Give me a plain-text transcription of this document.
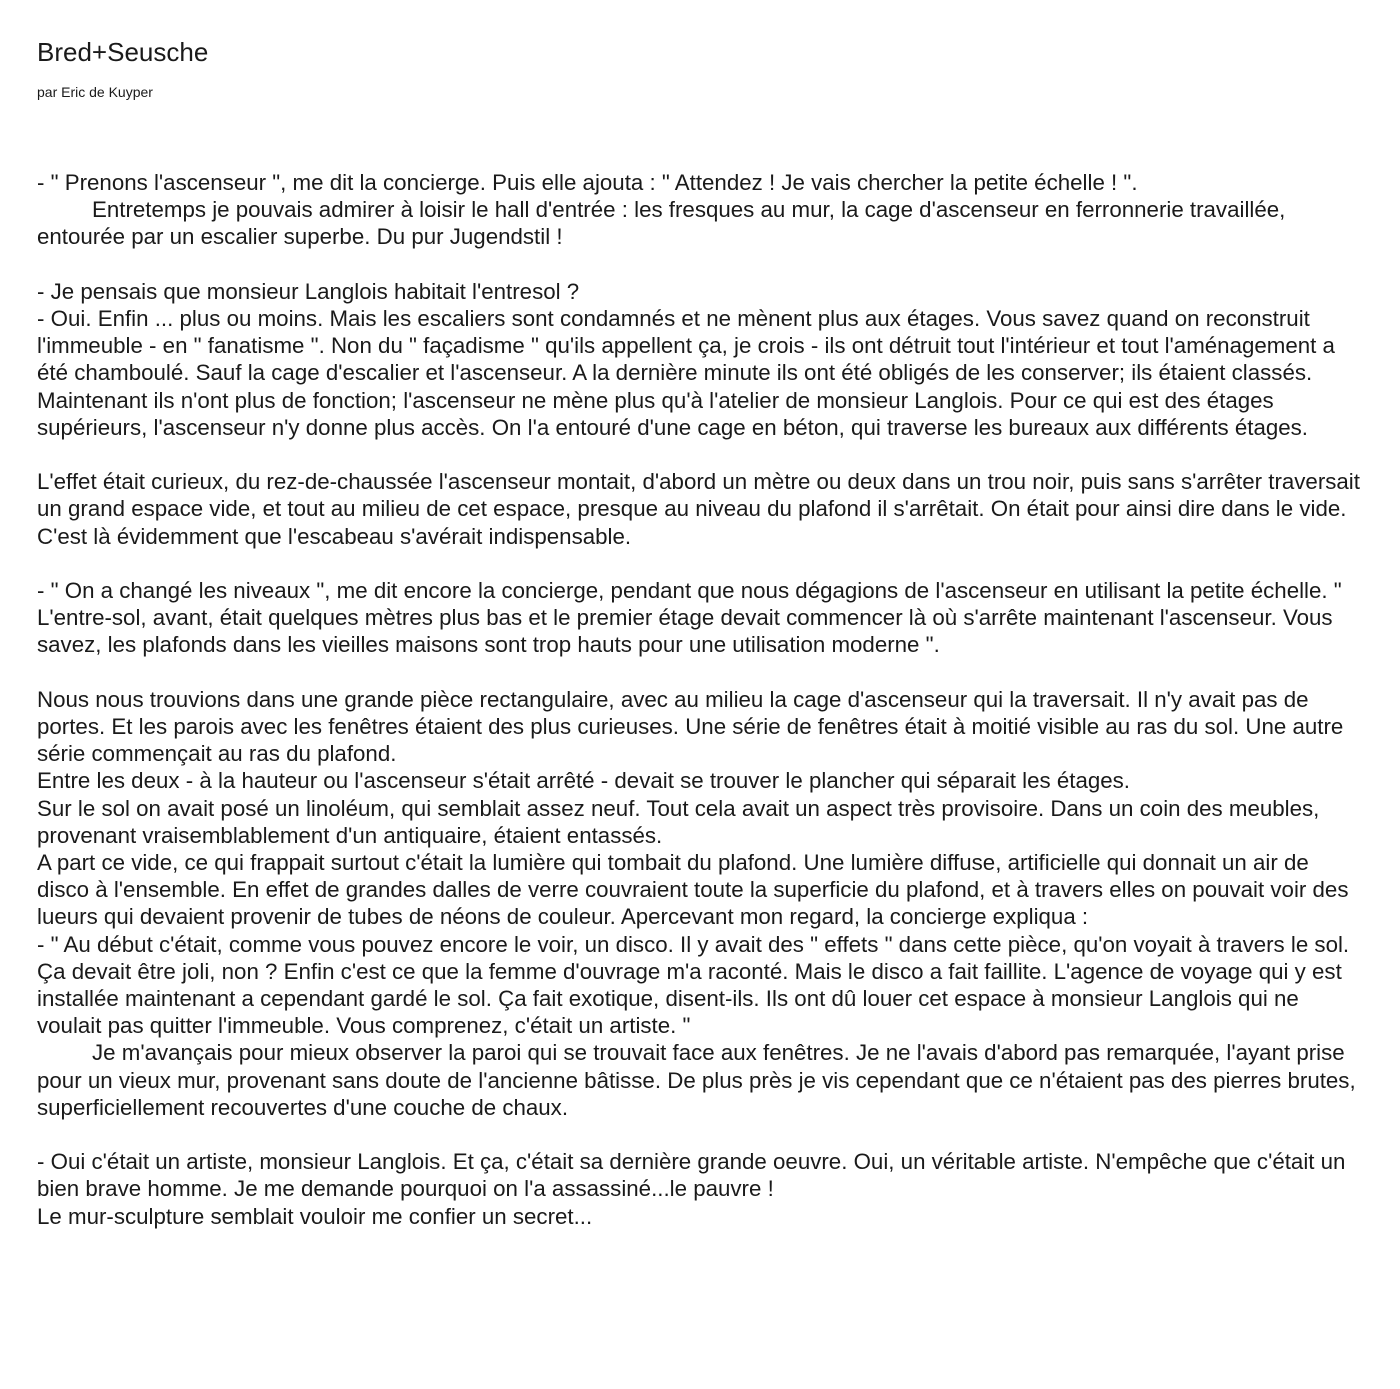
Bred+Seusche

par Eric de Kuyper

- " Prenons l'ascenseur ", me dit la concierge. Puis elle ajouta : " Attendez ! Je vais chercher la petite échelle ! ".

Entretemps je pouvais admirer à loisir le hall d'entrée : les fresques au mur, la cage d'ascenseur en ferronnerie travaillée, entourée par un escalier superbe. Du pur Jugendstil !

- Je pensais que monsieur Langlois habitait l'entresol ?

- Oui. Enfin ... plus ou moins. Mais les escaliers sont condamnés et ne mènent plus aux étages. Vous savez quand on reconstruit l'immeuble - en " fanatisme ". Non du " façadisme " qu'ils appellent ça, je crois - ils ont détruit tout l'intérieur et tout l'aménagement a été chamboulé. Sauf la cage d'escalier et l'ascenseur. A la dernière minute ils ont été obligés de les conserver; ils étaient classés. Maintenant ils n'ont plus de fonction; l'ascenseur ne mène plus qu'à l'atelier de monsieur Langlois. Pour ce qui est des étages supérieurs, l'ascenseur n'y donne plus accès. On l'a entouré d'une cage en béton, qui traverse les bureaux aux différents étages.

L'effet était curieux, du rez-de-chaussée l'ascenseur montait, d'abord un mètre ou deux dans un trou noir, puis sans s'arrêter traversait un grand espace vide, et tout au milieu de cet espace, presque au niveau du plafond il s'arrêtait. On était pour ainsi dire dans le vide. C'est là évidemment que l'escabeau s'avérait indispensable.

- " On a changé les niveaux ", me dit encore la concierge, pendant que nous dégagions de l'ascenseur en utilisant la petite échelle. " L'entre-sol, avant, était quelques mètres plus bas et le premier étage devait commencer là où s'arrête maintenant l'ascenseur. Vous savez, les plafonds dans les vieilles maisons sont trop hauts pour une utilisation moderne ".

Nous nous trouvions dans une grande pièce rectangulaire, avec au milieu la cage d'ascenseur qui la traversait. Il n'y avait pas de portes. Et les parois avec les fenêtres étaient des plus curieuses. Une série de fenêtres était à moitié visible au ras du sol. Une autre série commençait au ras du plafond.

Entre les deux - à la hauteur ou l'ascenseur s'était arrêté - devait se trouver le plancher qui séparait les étages.

Sur le sol on avait posé un linoléum, qui semblait assez neuf. Tout cela avait un aspect très provisoire. Dans un coin des meubles, provenant vraisemblablement d'un antiquaire, étaient entassés.

A part ce vide, ce qui frappait surtout c'était la lumière qui tombait du plafond. Une lumière diffuse, artificielle qui donnait un air de disco à l'ensemble. En effet de grandes dalles de verre couvraient toute la superficie du plafond, et à travers elles on pouvait voir des lueurs qui devaient provenir de tubes de néons de couleur. Apercevant mon regard, la concierge expliqua :

- " Au début c'était, comme vous pouvez encore le voir, un disco. Il y avait des " effets " dans cette pièce, qu'on voyait à travers le sol. Ça devait être joli, non ? Enfin c'est ce que la femme d'ouvrage m'a raconté. Mais le disco a fait faillite. L'agence de voyage qui y est installée maintenant a cependant gardé le sol. Ça fait exotique, disent-ils. Ils ont dû louer cet espace à monsieur Langlois qui ne voulait pas quitter l'immeuble. Vous comprenez, c'était un artiste. "

Je m'avançais pour mieux observer la paroi qui se trouvait face aux fenêtres. Je ne l'avais d'abord pas remarquée, l'ayant prise pour un vieux mur, provenant sans doute de l'ancienne bâtisse. De plus près je vis cependant que ce n'étaient pas des pierres brutes, superficiellement recouvertes d'une couche de chaux.

- Oui c'était un artiste, monsieur Langlois. Et ça, c'était sa dernière grande oeuvre. Oui, un véritable artiste. N'empêche que c'était un bien brave homme. Je me demande pourquoi on l'a assassiné...le pauvre !

Le mur-sculpture semblait vouloir me confier un secret...
